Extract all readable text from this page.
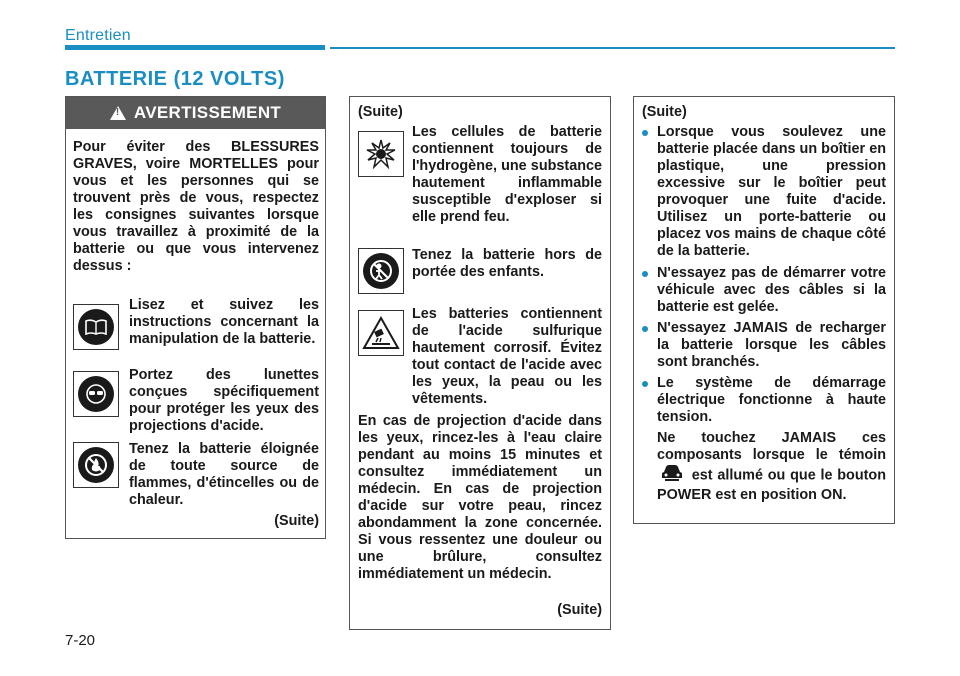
Entretien
BATTERIE (12 VOLTS)
!
AVERTISSEMENT
Pour éviter des BLESSURES GRAVES, voire MORTELLES pour vous et les personnes qui se trouvent près de vous, respectez les consignes suivantes lorsque vous travaillez à proximité de la batterie ou que vous intervenez dessus :
Lisez et suivez les instructions concernant la manipulation de la batterie.
Portez des lunettes conçues spécifiquement pour protéger les yeux des projections d'acide.
Tenez la batterie éloignée de toute source de flammes, d'étincelles ou de chaleur.
(Suite)
(Suite)
Les cellules de batterie contiennent toujours de l'hydrogène, une substance hautement inflammable susceptible d'exploser si elle prend feu.
Tenez la batterie hors de portée des enfants.
Les batteries contiennent de l'acide sulfurique hautement corrosif. Évitez tout contact de l'acide avec les yeux, la peau ou les vêtements.
En cas de projection d'acide dans les yeux, rincez-les à l'eau claire pendant au moins 15 minutes et consultez immédiatement un médecin. En cas de projection d'acide sur votre peau, rincez abondamment la zone concernée. Si vous ressentez une douleur ou une brûlure, consultez immédiatement un médecin.
(Suite)
(Suite)
Lorsque vous soulevez une batterie placée dans un boîtier en plastique, une pression excessive sur le boîtier peut provoquer une fuite d'acide. Utilisez un porte-batterie ou placez vos mains de chaque côté de la batterie.
N'essayez pas de démarrer votre véhicule avec des câbles si la batterie est gelée.
N'essayez JAMAIS de recharger la batterie lorsque les câbles sont branchés.
Le système de démarrage électrique fonctionne à haute tension.
Ne touchez JAMAIS ces composants lorsque le témoin  est allumé ou que le bouton POWER est en position ON.
7-20
